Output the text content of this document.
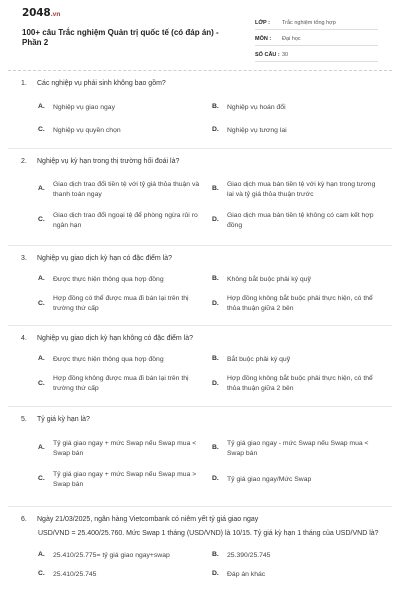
2048.vn
100+ câu Trắc nghiệm Quản trị quốc tế (có đáp án) - Phần 2
LỚP :	Trắc nghiệm tổng hợp
MÔN :	Đại học
SỐ CÂU : 30
1.	Các nghiệp vụ phái sinh không bao gồm?
A.	Nghiệp vụ giao ngay	B.	Nghiệp vụ hoán đổi
C.	Nghiệp vụ quyền chọn	D.	Nghiệp vụ tương lai
2.	Nghiệp vụ kỳ hạn trong thị trường hối đoái là?
A.
Giao dịch trao đổi tiền tệ với tỷ giá thỏa thuận và thanh toán ngay
B.
Giao dịch mua bán tiền tệ với kỳ hạn trong tương lai và tỷ giá thỏa thuận trước
C.
Giao dịch trao đổi ngoại tệ để phòng ngừa rủi ro ngân hạn
D.
Giao dịch mua bán tiền tệ không có cam kết hợp đồng
3.	Nghiệp vụ giao dịch kỳ hạn có đặc điểm là?
A.	Được thực hiện thông qua hợp đồng	B.	Không bắt buộc phải ký quỹ
C.
Hợp đồng có thể được mua đi bán lại trên thị trường thứ cấp
D.
Hợp đồng không bắt buộc phải thực hiện, có thể thỏa thuận giữa 2 bên
4.	Nghiệp vụ giao dịch kỳ hạn không có đặc điểm là?
A.	Được thực hiện thông qua hợp đồng	B.	Bắt buộc phải ký quỹ
C.
Hợp đồng không được mua đi bán lại trên thị trường thứ cấp
D.
Hợp đồng không bắt buộc phải thực hiện, có thể thỏa thuận giữa 2 bên
5.	Tỷ giá kỳ hạn là?
A.
Tỷ giá giao ngay + mức Swap nếu Swap mua < Swap bán
B.
Tỷ giá giao ngay - mức Swap nếu Swap mua < Swap bán
C.
Tỷ giá giao ngay + mức Swap nếu Swap mua > Swap bán
D.	Tỷ giá giao ngay/Mức Swap
6.	Ngày 21/03/2025, ngân hàng Vietcombank có niêm yết tỷ giá giao ngay
USD/VND = 25.400/25.760. Mức Swap 1 tháng (USD/VND) là 10/15. Tỷ giá kỳ hạn 1 tháng của USD/VND là?
A.	25.410/25.775= tỷ giá giao ngay+swap	B.	25.390/25.745
C.	25.410/25.745	D.	Đáp án khác
